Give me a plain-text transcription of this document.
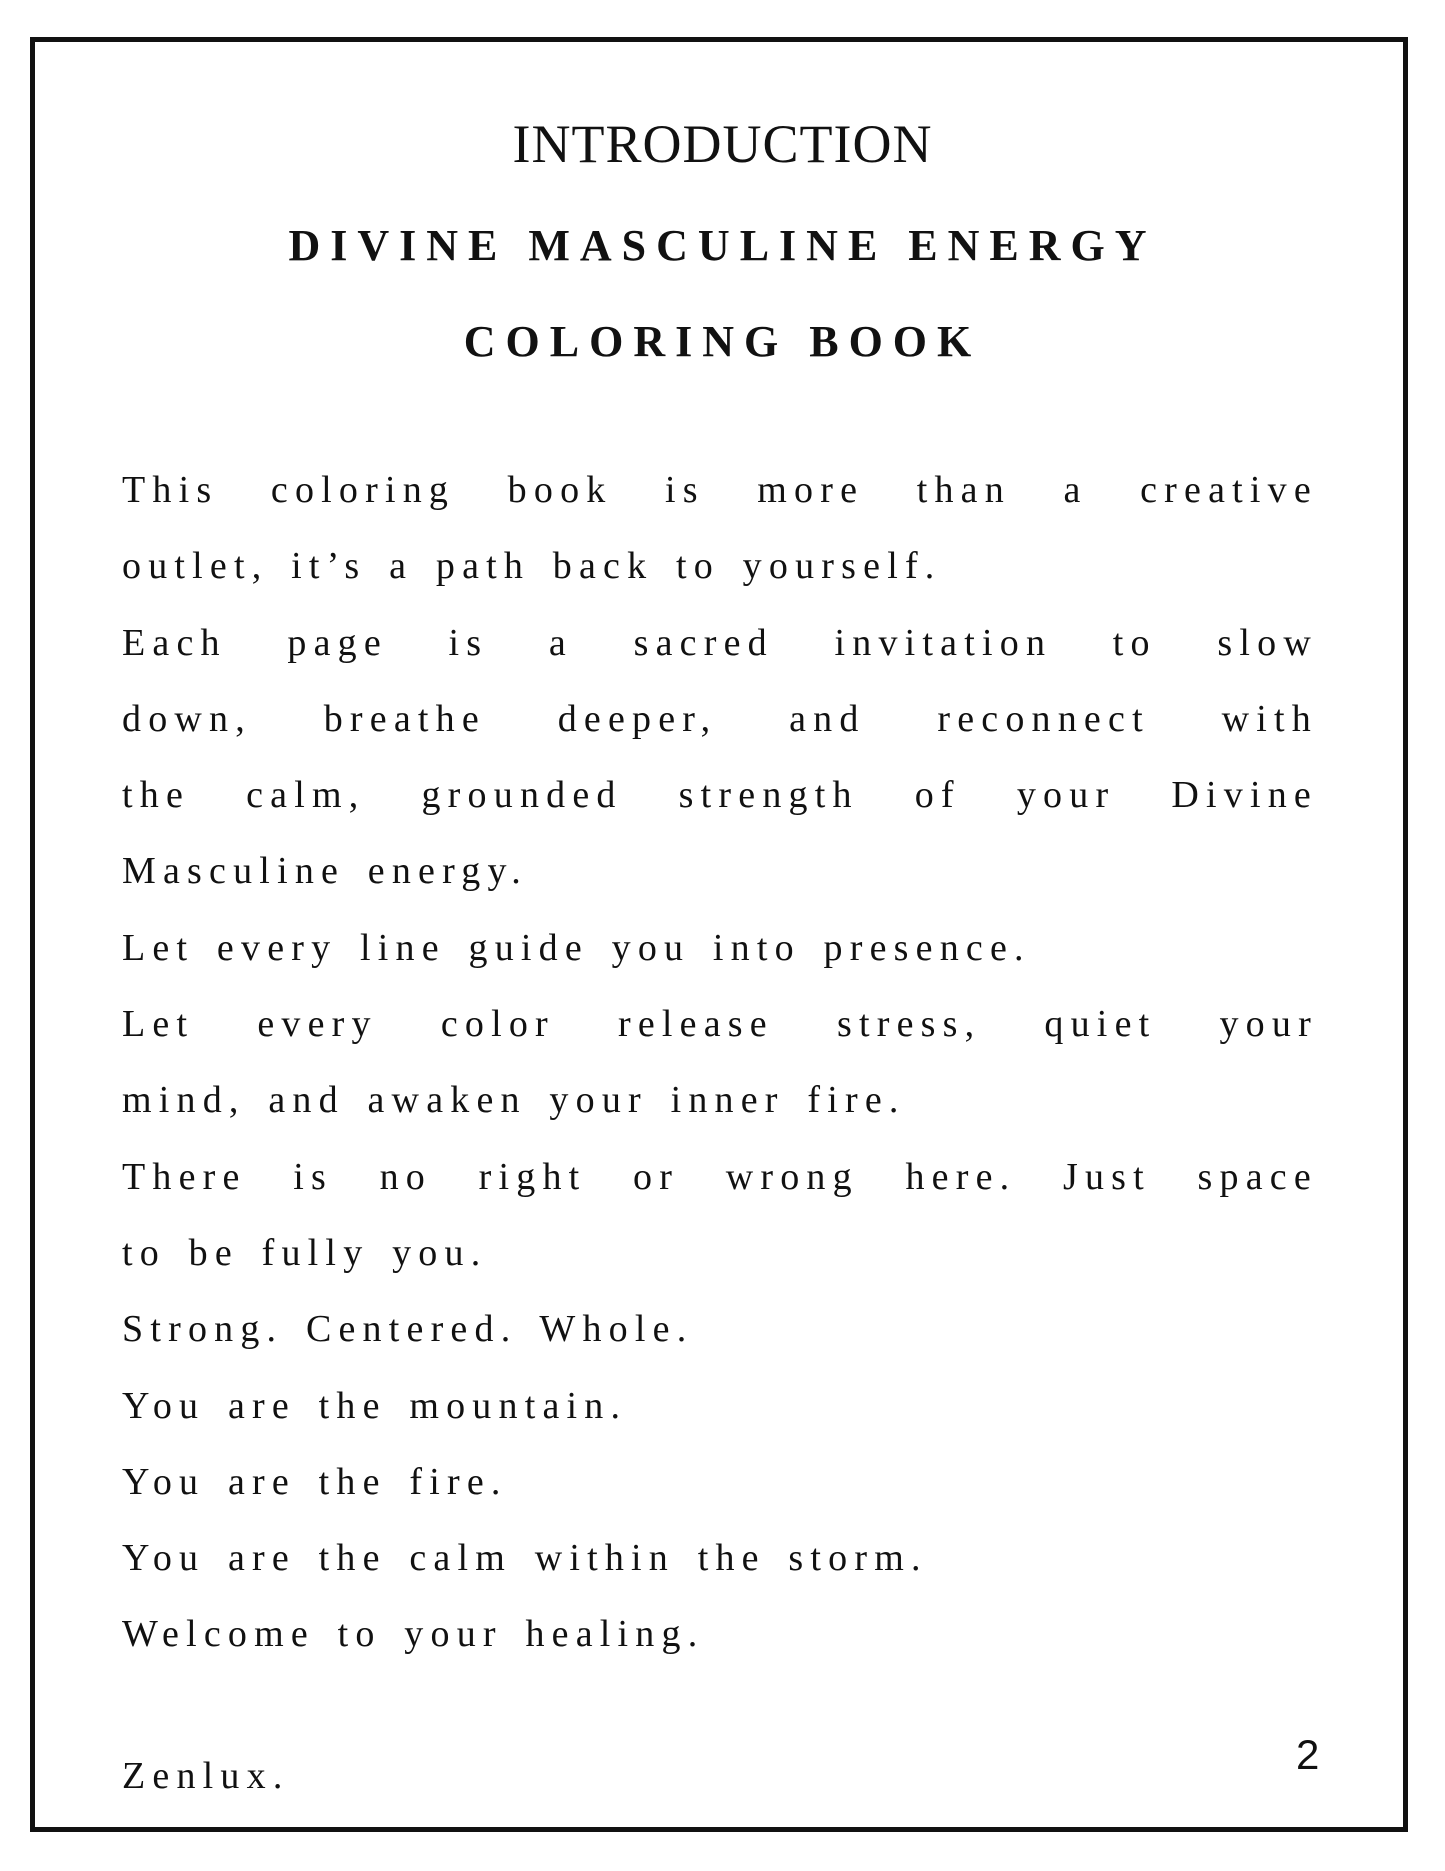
INTRODUCTION
DIVINE MASCULINE ENERGY
COLORING BOOK
This coloring book is more than a creative
outlet, it’s a path back to yourself.
Each page is a sacred invitation to slow
down, breathe deeper, and reconnect with
the calm, grounded strength of your Divine
Masculine energy.
Let every line guide you into presence.
Let every color release stress, quiet your
mind, and awaken your inner fire.
There is no right or wrong here. Just space
to be fully you.
Strong. Centered. Whole.
You are the mountain.
You are the fire.
You are the calm within the storm.
Welcome to your healing.
Zenlux.	2
